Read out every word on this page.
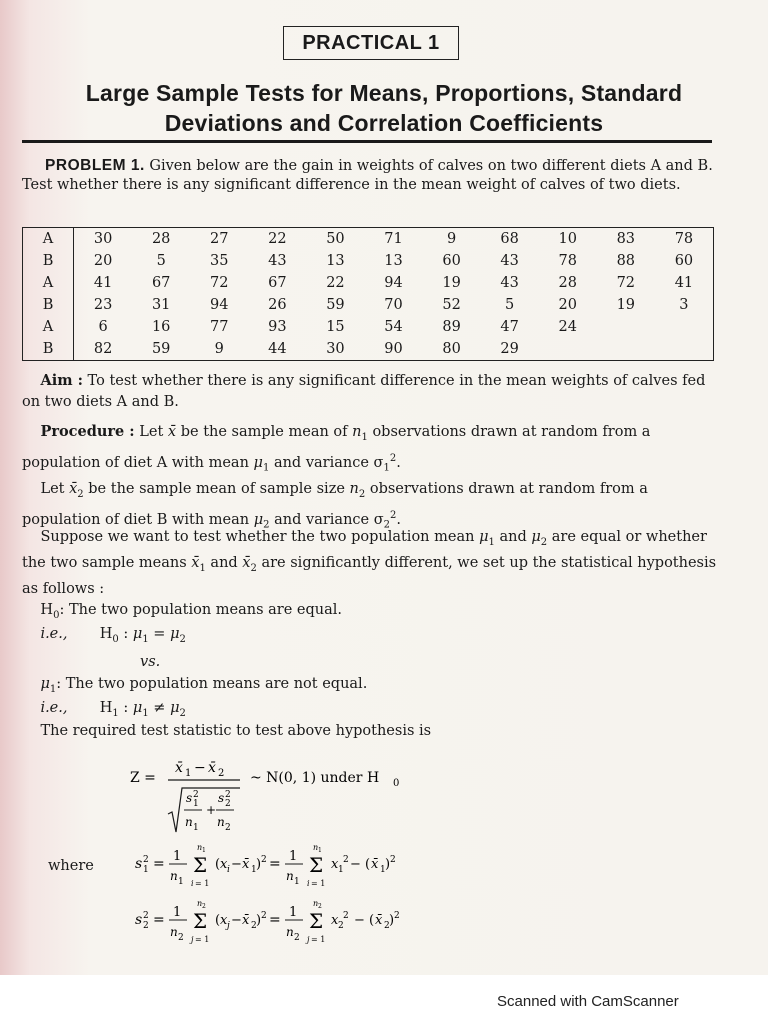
PRACTICAL 1
Large Sample Tests for Means, Proportions, Standard
Deviations and Correlation Coefficients
PROBLEM 1. Given below are the gain in weights of calves on two different diets A and B. Test whether there is any significant difference in the mean weight of calves of two diets.
A	30	28	27	22	50	71	9	68	10	83	78
B	20	5	35	43	13	13	60	43	78	88	60
A	41	67	72	67	22	94	19	43	28	72	41
B	23	31	94	26	59	70	52	5	20	19	3
A	6	16	77	93	15	54	89	47	24		
B	82	59	9	44	30	90	80	29			
Aim : To test whether there is any significant difference in the mean weights of calves fed on two diets A and B.
Procedure : Let x̄ be the sample mean of $n_1$ observations drawn at random from a population of diet A with mean $\mu_1$ and variance $\sigma_1^2$.
Let $x̄_2$ be the sample mean of sample size $n_2$ observations drawn at random from a population of diet B with mean $\mu_2$ and variance $\sigma_2^2$.
Suppose we want to test whether the two population mean $\mu_1$ and $\mu_2$ are equal or whether the two sample means $x̄_1$ and $x̄_2$ are significantly different, we set up the statistical hypothesis as follows :
$H_0$: The two population means are equal.
i.e.,       $H_0$ : $\mu_1 = \mu_2$
vs.
$\mu_1$: The two population means are not equal.
i.e.,       $H_1$ : $\mu_1 \ne \mu_2$
The required test statistic to test above hypothesis is
Z =
x̄ 1 − x̄ 2
s 1
2
n 1
+
s 2
2
n 2
~ N(0, 1) under H 0
where	s 1
2 = 1
n 1
Σ
n 1
i = 1
( x i − x̄ 1 ) 2 = 1
n 1
Σ
n 1
i = 1
x 1
2 − ( x̄ 1 ) 2
s 2
2 = 1
n 2
Σ
n 2
j = 1
( x j − x̄ 2 ) 2 = 1
n 2
Σ
n 2
j = 1
x 2
2 − ( x̄ 2 ) 2
Scanned with CamScanner
